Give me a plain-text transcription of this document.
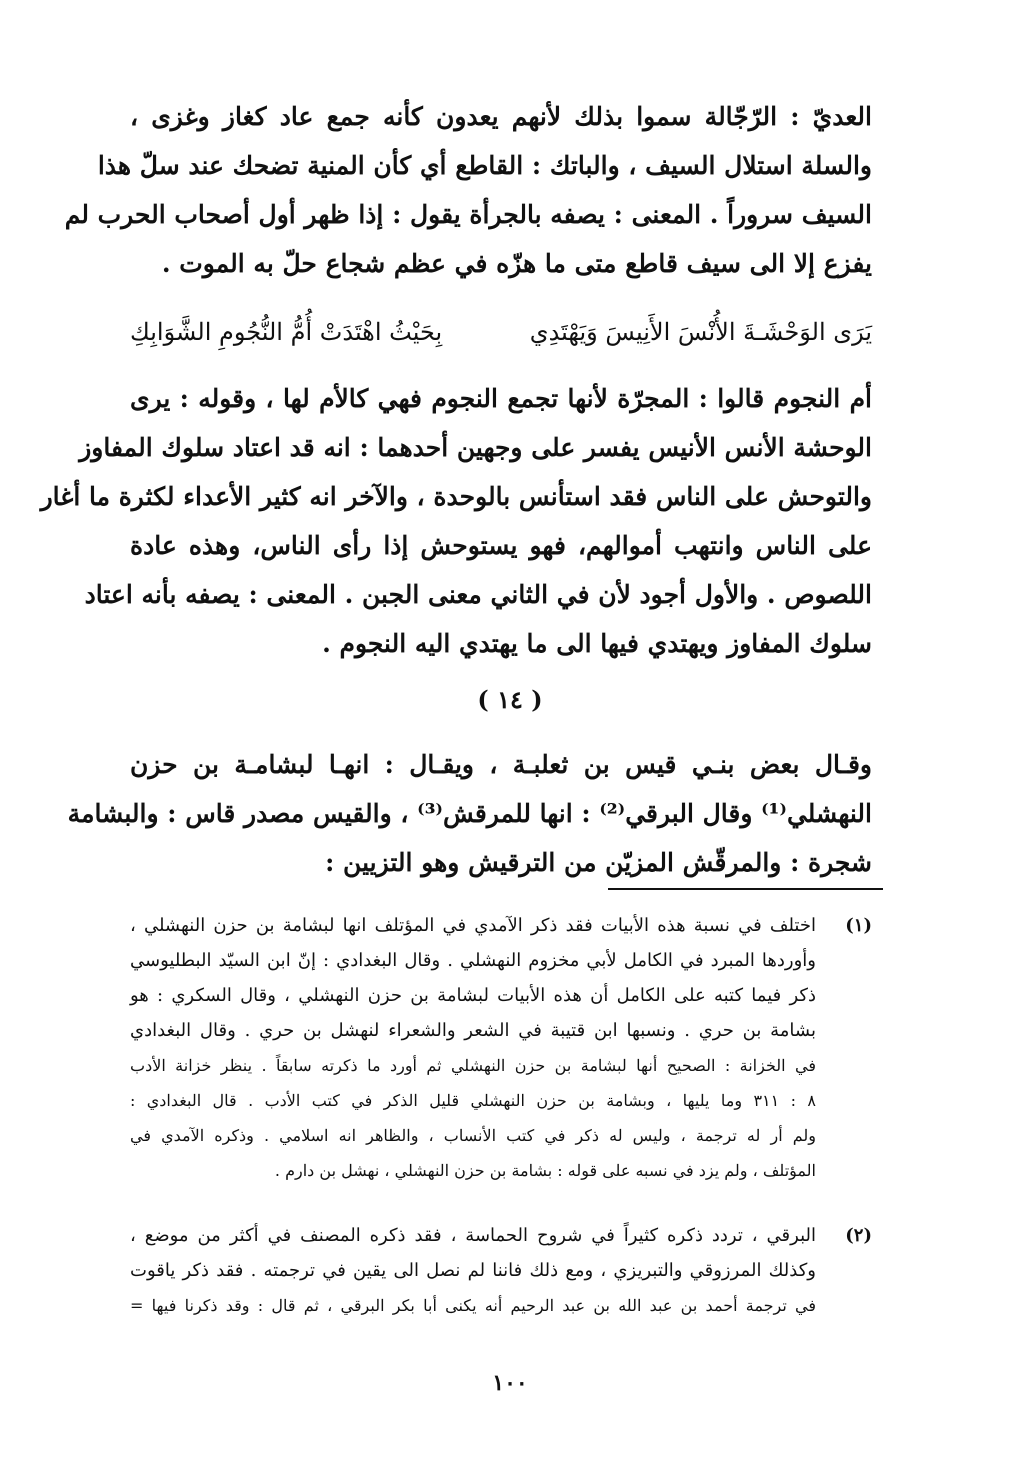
العديّ : الرّجّالة سموا بذلك لأنهم يعدون كأنه جمع عاد كغاز وغزى ،
والسلة استلال السيف ، والباتك : القاطع أي كأن المنية تضحك عند سلّ هذا
السيف سروراً . المعنى : يصفه بالجرأة يقول : إذا ظهر أول أصحاب الحرب لم
يفزع إلا الى سيف قاطع متى ما هزّه في عظم شجاع حلّ به الموت .
يَرَى الوَحْشَـةَ الأُنْسَ الأَنِيسَ وَيَهْتَدِي
بِحَيْثُ اهْتَدَتْ أُمُّ النُّجُومِ الشَّوَابِكِ
أم النجوم قالوا : المجرّة لأنها تجمع النجوم فهي كالأم لها ، وقوله : يرى
الوحشة الأنس الأنيس يفسر على وجهين أحدهما : انه قد اعتاد سلوك المفاوز
والتوحش على الناس فقد استأنس بالوحدة ، والآخر انه كثير الأعداء لكثرة ما أغار
على الناس وانتهب أموالهم، فهو يستوحش إذا رأى الناس، وهذه عادة
اللصوص . والأول أجود لأن في الثاني معنى الجبن . المعنى : يصفه بأنه اعتاد
سلوك المفاوز ويهتدي فيها الى ما يهتدي اليه النجوم .
( ١٤ )
وقـال بعض بنـي قيس بن ثعلبـة ، ويقـال : انهـا لبشامـة بن حزن
النهشلي⁽¹⁾ وقال البرقي⁽²⁾ : انها للمرقش⁽³⁾ ، والقيس مصدر قاس : والبشامة
شجرة : والمرقّش المزيّن من الترقيش وهو التزيين :
(١)
اختلف في نسبة هذه الأبيات فقد ذكر الآمدي في المؤتلف انها لبشامة بن حزن النهشلي ،
وأوردها المبرد في الكامل لأبي مخزوم النهشلي . وقال البغدادي : إنّ ابن السيّد البطليوسي
ذكر فيما كتبه على الكامل أن هذه الأبيات لبشامة بن حزن النهشلي ، وقال السكري : هو
بشامة بن حري . ونسبها ابن قتيبة في الشعر والشعراء لنهشل بن حري . وقال البغدادي
في الخزانة : الصحيح أنها لبشامة بن حزن النهشلي ثم أورد ما ذكرته سابقاً . ينظر خزانة الأدب
٨ : ٣١١ وما يليها ، وبشامة بن حزن النهشلي قليل الذكر في كتب الأدب . قال البغدادي :
ولم أر له ترجمة ، وليس له ذكر في كتب الأنساب ، والظاهر انه اسلامي . وذكره الآمدي في
المؤتلف ، ولم يزد في نسبه على قوله : بشامة بن حزن النهشلي ، نهشل بن دارم .
(٢)
البرقي ، تردد ذكره كثيراً في شروح الحماسة ، فقد ذكره المصنف في أكثر من موضع ،
وكذلك المرزوقي والتبريزي ، ومع ذلك فاننا لم نصل الى يقين في ترجمته . فقد ذكر ياقوت
في ترجمة أحمد بن عبد الله بن عبد الرحيم أنه يكنى أبا بكر البرقي ، ثم قال : وقد ذكرنا فيها =
١٠٠
